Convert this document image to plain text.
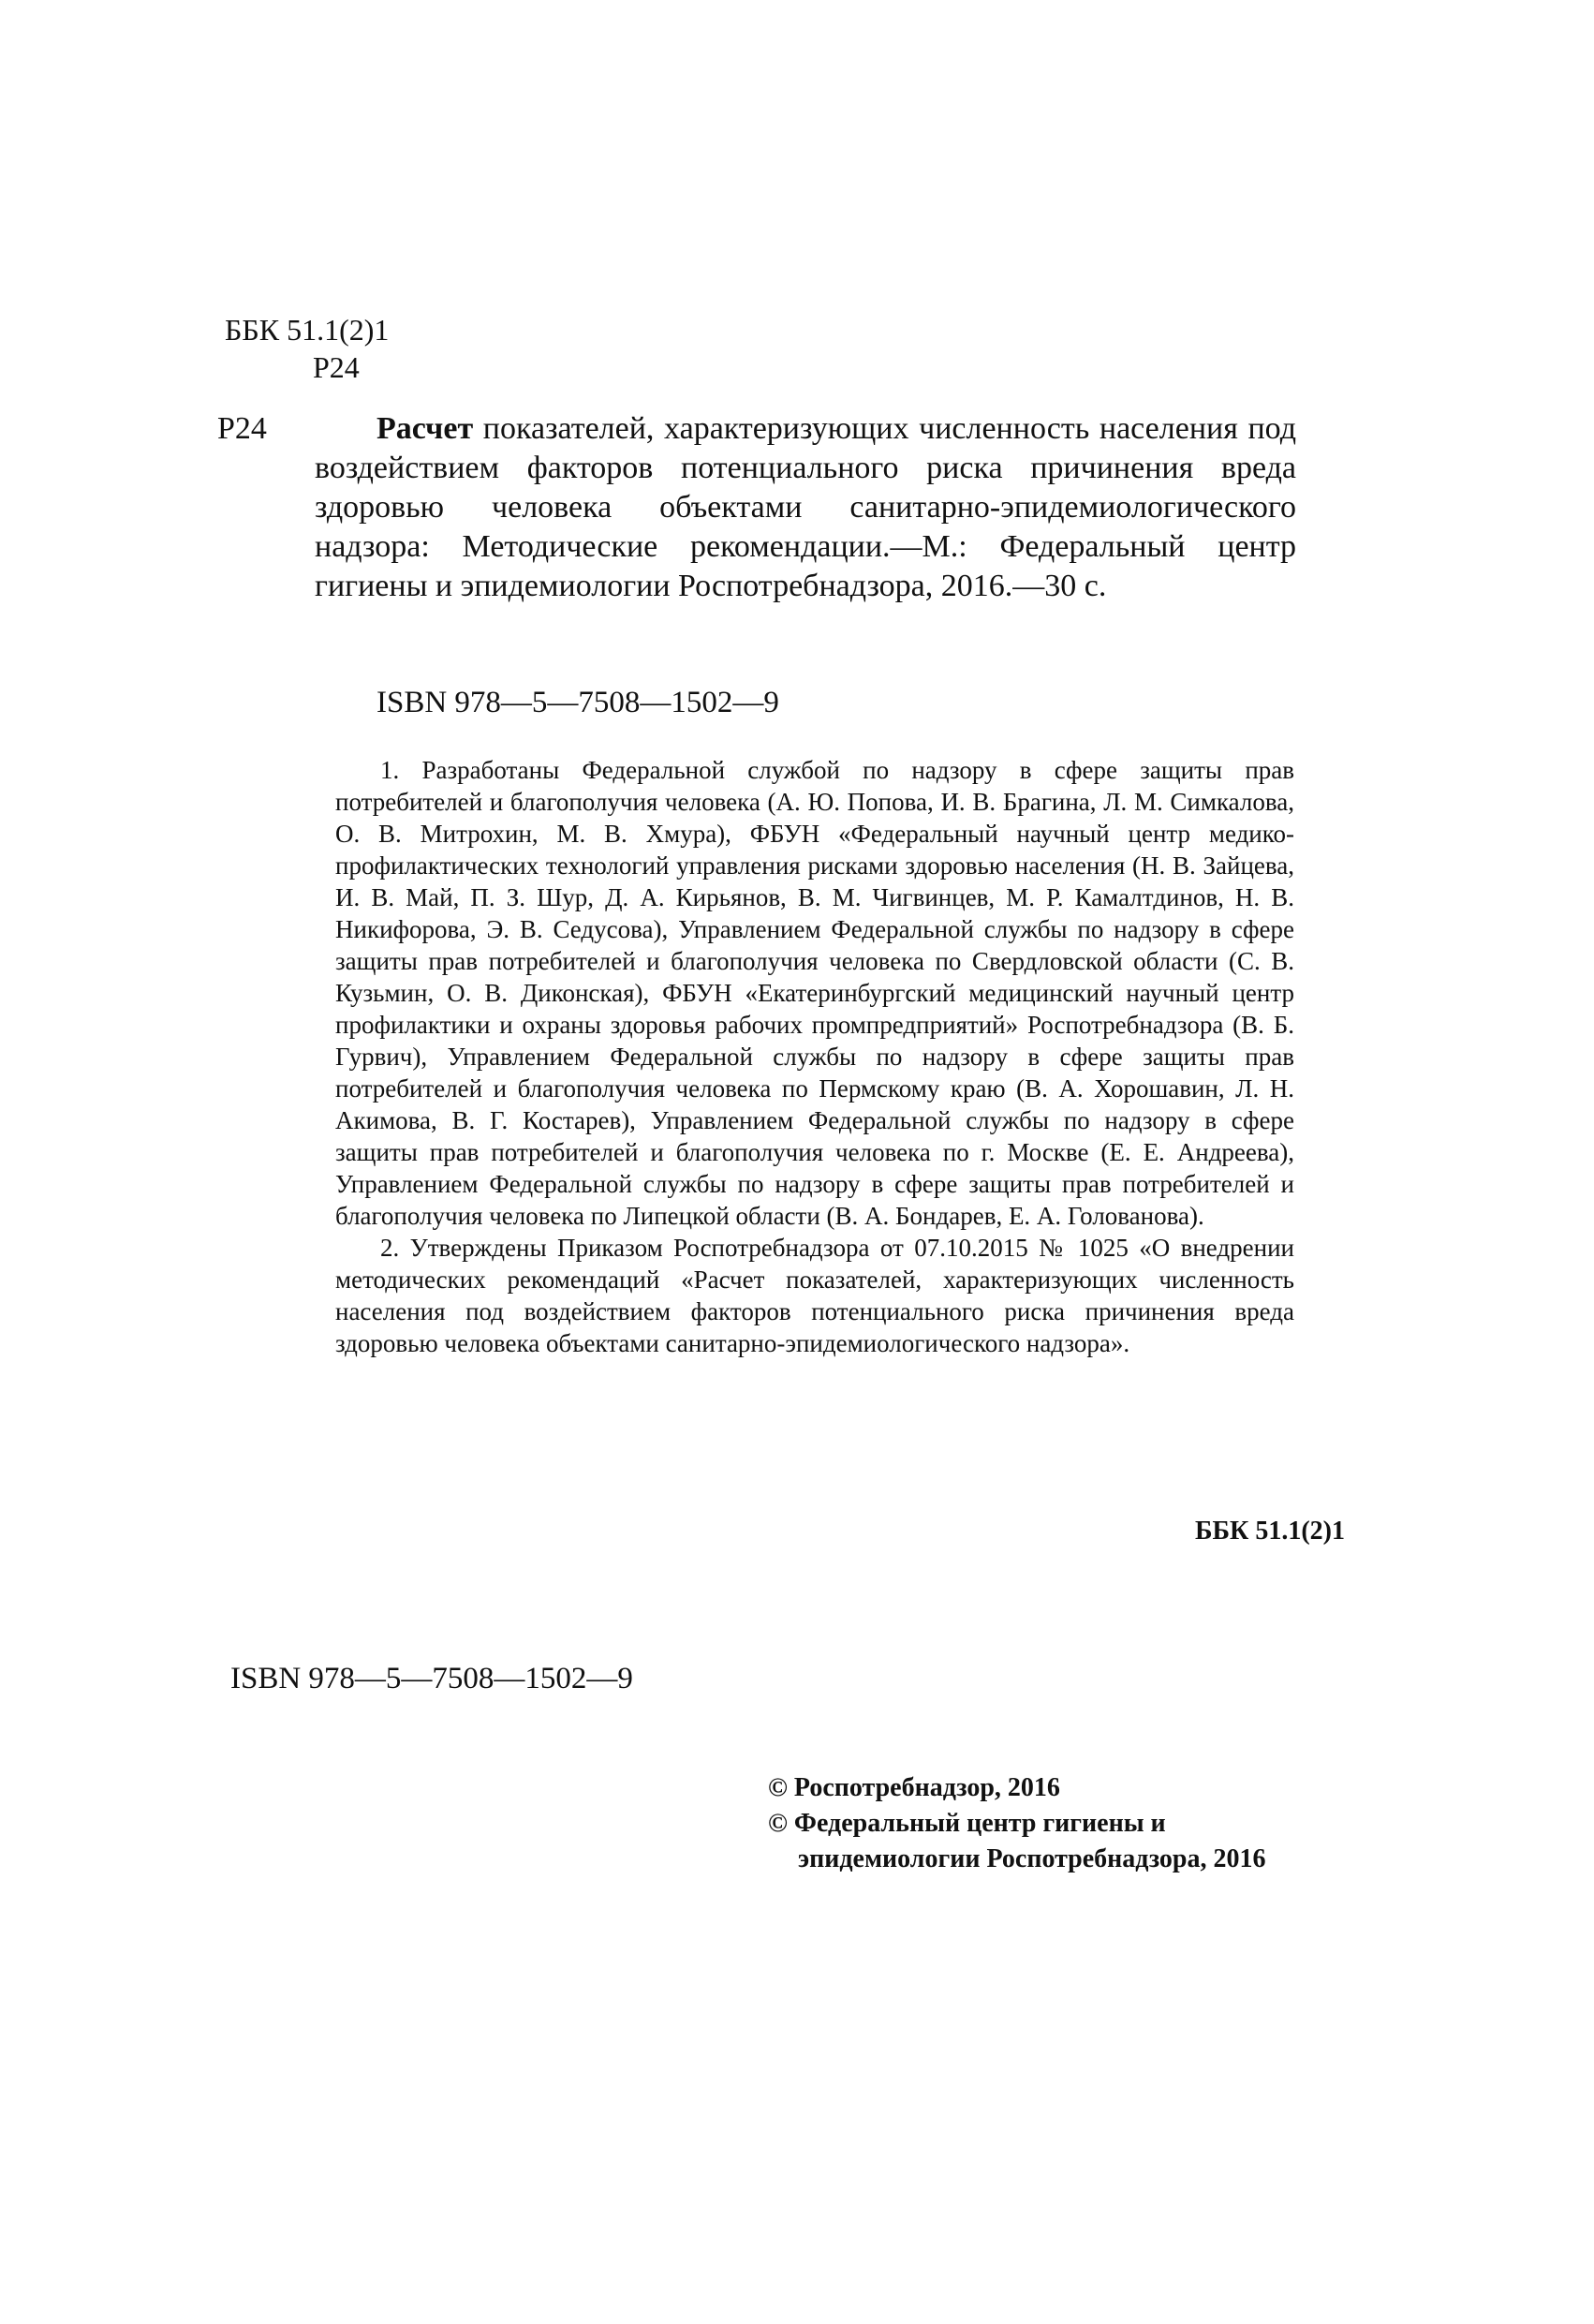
ББК 51.1(2)1
Р24
Р24	Расчет показателей, характеризующих численность населения под воздействием факторов потенциального риска причинения вреда здоровью человека объектами санитарно-эпидемиологического надзора: Методические рекомендации.—М.: Федеральный центр гигиены и эпидемиологии Роспотребнадзора, 2016.—30 с.

ISBN 978—5—7508—1502—9

1. Разработаны Федеральной службой по надзору в сфере защиты прав потребителей и благополучия человека (А. Ю. Попова, И. В. Брагина, Л. М. Симкалова, О. В. Митрохин, М. В. Хмура), ФБУН «Федеральный научный центр медико-профилактических технологий управления рисками здоровью населения (Н. В. Зайцева, И. В. Май, П. З. Шур, Д. А. Кирьянов, В. М. Чигвинцев, М. Р. Камалтдинов, Н. В. Никифорова, Э. В. Седусова), Управлением Федеральной службы по надзору в сфере защиты прав потребителей и благополучия человека по Свердловской области (С. В. Кузьмин, О. В. Диконская), ФБУН «Екатеринбургский медицинский научный центр профилактики и охраны здоровья рабочих промпредприятий» Роспотребнадзора (В. Б. Гурвич), Управлением Федеральной службы по надзору в сфере защиты прав потребителей и благополучия человека по Пермскому краю (В. А. Хорошавин, Л. Н. Акимова, В. Г. Костарев), Управлением Федеральной службы по надзору в сфере защиты прав потребителей и благополучия человека по г. Москве (Е. Е. Андреева), Управлением Федеральной службы по надзору в сфере защиты прав потребителей и благополучия человека по Липецкой области (В. А. Бондарев, Е. А. Голованова).

2. Утверждены Приказом Роспотребнадзора от 07.10.2015 № 1025 «О внедрении методических рекомендаций «Расчет показателей, характеризующих численность населения под воздействием факторов потенциального риска причинения вреда здоровью человека объектами санитарно-эпидемиологического надзора».

ББК 51.1(2)1
ISBN 978—5—7508—1502—9
© Роспотребнадзор, 2016
© Федеральный центр гигиены и
эпидемиологии Роспотребнадзора, 2016
